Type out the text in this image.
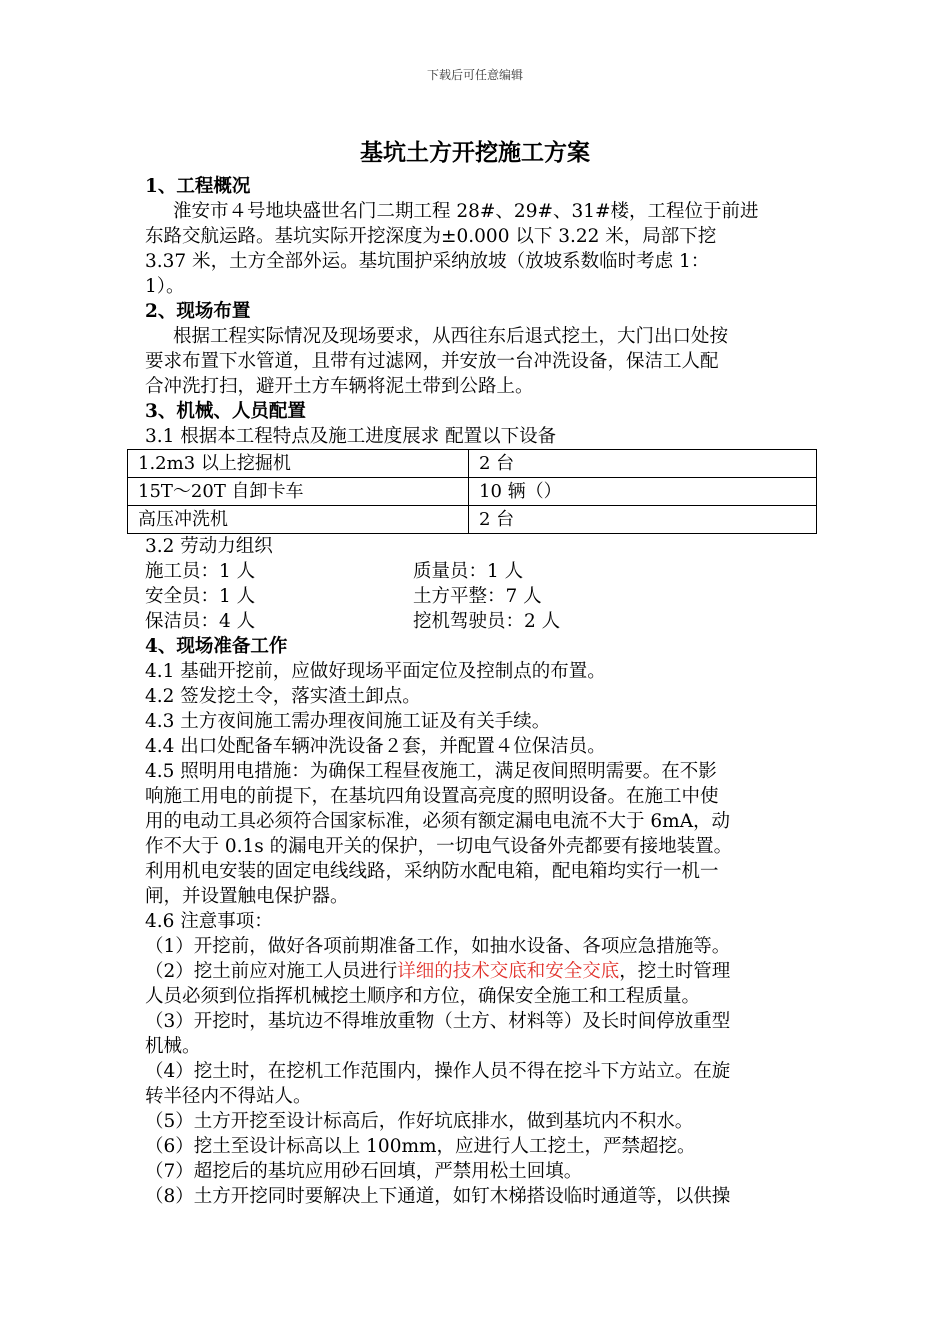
下载后可任意编辑
基坑土方开挖施工方案

1、工程概况

淮安市４号地块盛世名门二期工程 28#、29#、31#楼，工程位于前进

东路交航运路。基坑实际开挖深度为±0.000 以下 3.22 米，局部下挖

3.37 米，土方全部外运。基坑围护采纳放坡（放坡系数临时考虑 1：

1）。

2、现场布置

根据工程实际情况及现场要求，从西往东后退式挖土，大门出口处按

要求布置下水管道，且带有过滤网，并安放一台冲洗设备，保洁工人配

合冲洗打扫，避开土方车辆将泥土带到公路上。

3、机械、人员配置

3.1 根据本工程特点及施工进度展求 配置以下设备

1.2m3 以上挖掘机	2 台
15T～20T 自卸卡车	10 辆（）
高压冲洗机	2 台

3.2 劳动力组织

施工员：1 人	质量员：1 人
安全员：1 人	土方平整：7 人
保洁员：4 人	挖机驾驶员：2 人

4、现场准备工作

4.1 基础开挖前，应做好现场平面定位及控制点的布置。

4.2 签发挖土令，落实渣土卸点。

4.3 土方夜间施工需办理夜间施工证及有关手续。

4.4 出口处配备车辆冲洗设备２套，并配置４位保洁员。

4.5 照明用电措施：为确保工程昼夜施工，满足夜间照明需要。在不影

响施工用电的前提下，在基坑四角设置高亮度的照明设备。在施工中使

用的电动工具必须符合国家标准，必须有额定漏电电流不大于 6mA，动

作不大于 0.1s 的漏电开关的保护，一切电气设备外壳都要有接地装置。

利用机电安装的固定电线线路，采纳防水配电箱，配电箱均实行一机一

闸，并设置触电保护器。

4.6 注意事项：

（1）开挖前，做好各项前期准备工作，如抽水设备、各项应急措施等。

（2）挖土前应对施工人员进行详细的技术交底和安全交底，挖土时管理

人员必须到位指挥机械挖土顺序和方位，确保安全施工和工程质量。

（3）开挖时，基坑边不得堆放重物（土方、材料等）及长时间停放重型

机械。

（4）挖土时，在挖机工作范围内，操作人员不得在挖斗下方站立。在旋

转半径内不得站人。

（5）土方开挖至设计标高后，作好坑底排水，做到基坑内不积水。

（6）挖土至设计标高以上 100mm，应进行人工挖土，严禁超挖。

（7）超挖后的基坑应用砂石回填，严禁用松土回填。

（8）土方开挖同时要解决上下通道，如钉木梯搭设临时通道等，以供操
